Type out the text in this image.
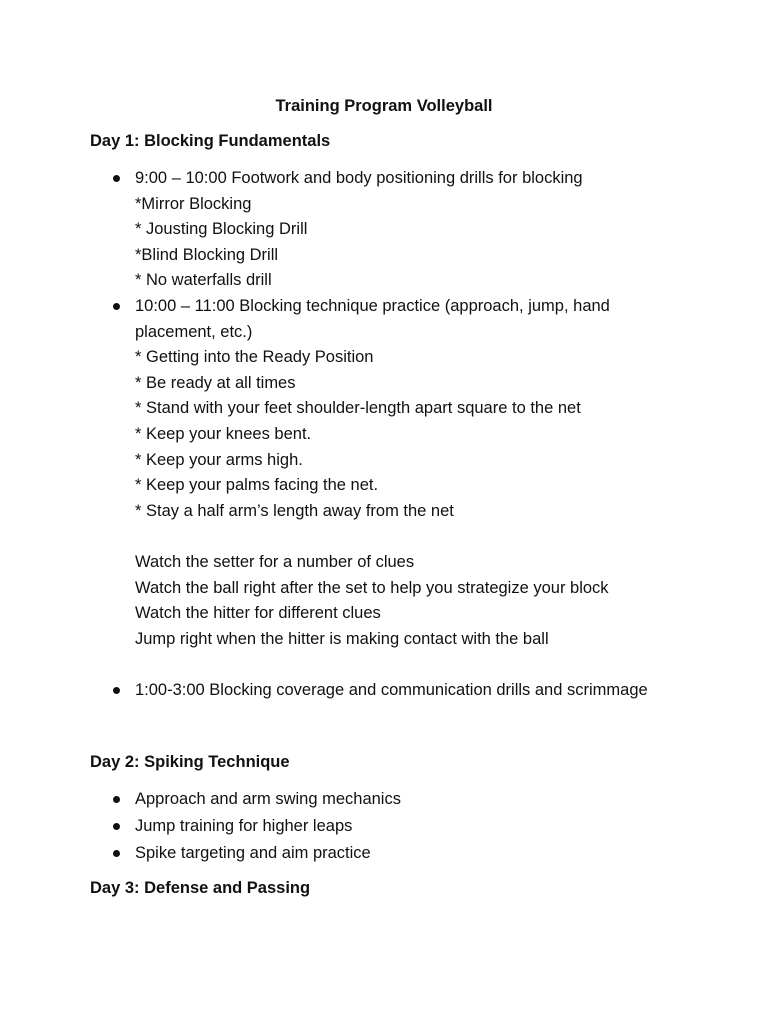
Training Program Volleyball
Day 1: Blocking Fundamentals
9:00 – 10:00 Footwork and body positioning drills for blocking
*Mirror Blocking
* Jousting Blocking Drill
*Blind Blocking Drill
* No waterfalls drill
10:00 – 11:00 Blocking technique practice (approach, jump, hand
placement, etc.)
* Getting into the Ready Position
* Be ready at all times
* Stand with your feet shoulder-length apart square to the net
* Keep your knees bent.
* Keep your arms high.
* Keep your palms facing the net.
* Stay a half arm’s length away from the net
Watch the setter for a number of clues
Watch the ball right after the set to help you strategize your block
Watch the hitter for different clues
Jump right when the hitter is making contact with the ball
1:00-3:00 Blocking coverage and communication drills and scrimmage
Day 2: Spiking Technique
Approach and arm swing mechanics
Jump training for higher leaps
Spike targeting and aim practice
Day 3: Defense and Passing
